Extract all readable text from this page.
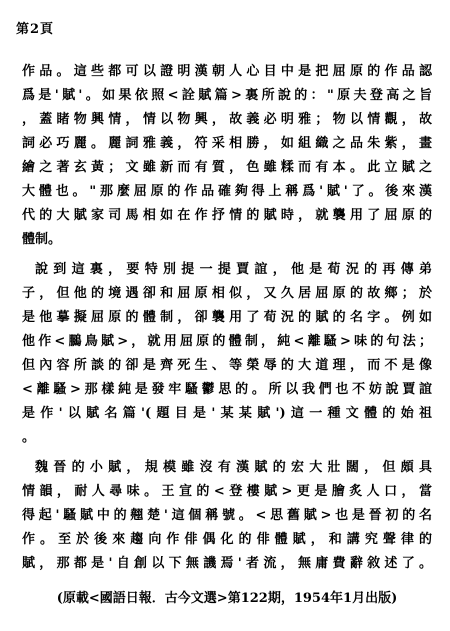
第2頁
作品。這些都可以證明漢朝人心目中是把屈原的作品認
爲是'賦'。如果依照<詮賦篇>裏所說的："原夫登高之旨
，蓋睹物興情，情以物興，故義必明雅；物以情觀，故
詞必巧麗。麗詞雅義，符采相勝，如組織之品朱紫，畫
繪之著玄黃；文雖新而有質，色雖糅而有本。此立賦之
大體也。"那麼屈原的作品確夠得上稱爲'賦'了。後來漢
代的大賦家司馬相如在作抒情的賦時，就襲用了屈原的
體制。
說到這裏，要特別提一提賈誼，他是荀況的再傳弟
子，但他的境遇卻和屈原相似，又久居屈原的故鄉；於
是他摹擬屈原的體制，卻襲用了荀況的賦的名字。例如
他作<鵩鳥賦>，就用屈原的體制，純<離騷>味的句法；
但內容所談的卻是齊死生、等榮辱的大道理，而不是像
<離騷>那樣純是發牢騷鬱思的。所以我們也不妨說賈誼
是作'以賦名篇'(題目是'某某賦')這一種文體的始祖
。
魏晉的小賦，規模雖沒有漢賦的宏大壯闊，但頗具
情韻，耐人尋味。王宣的<登樓賦>更是膾炙人口，當
得起'騷賦中的翹楚'這個稱號。<思舊賦>也是晉初的名
作。至於後來趨向作俳偶化的俳體賦，和講究聲律的
賦，那都是'自創以下無譏焉'者流，無庸費辭敘述了。
(原載<國語日報．古今文選>第122期，1954年1月出版)
